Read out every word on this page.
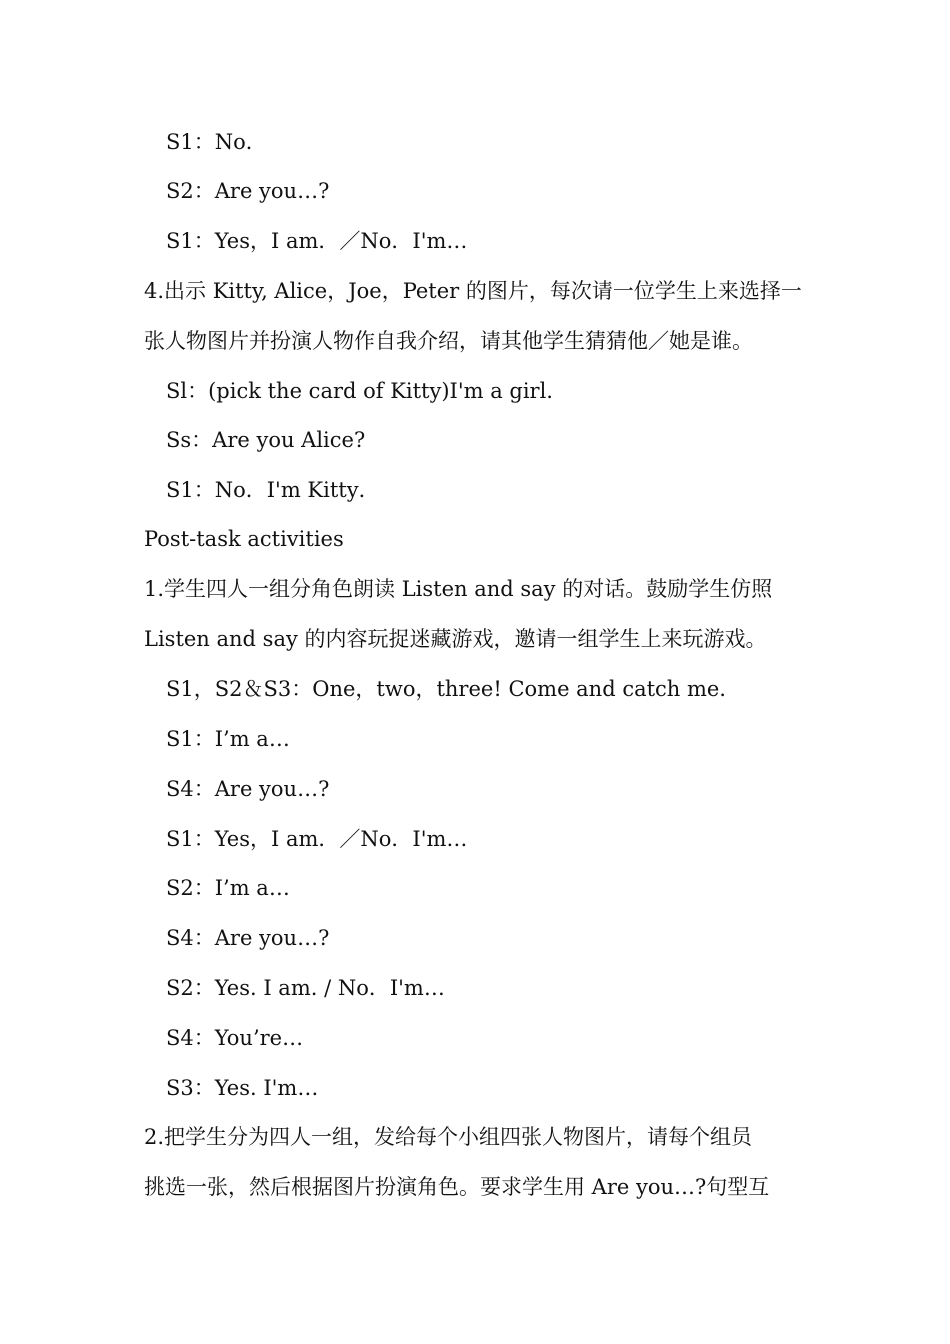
S1：No．
S2：Are you…?
S1：Yes，I am．／No．I'm…
4.出示 Kitty, Alice，Joe，Peter 的图片，每次请一位学生上来选择一
张人物图片并扮演人物作自我介绍，请其他学生猜猜他／她是谁。
Sl：(pick the card of Kitty)I'm a girl．
Ss：Are you Alice?
S1：No．I'm Kitty．
Post-task activities
1.学生四人一组分角色朗读 Listen and say 的对话。鼓励学生仿照
Listen and say 的内容玩捉迷藏游戏，邀请一组学生上来玩游戏。
S1，S2＆S3：One，two，three! Come and catch me．
S1：I’m a…
S4：Are you…?
S1：Yes，I am．／No．I'm…
S2：I’m a…
S4：Are you…?
S2：Yes. I am. / No．I'm…
S4：You’re…
S3：Yes. I'm…
2.把学生分为四人一组，发给每个小组四张人物图片，请每个组员
挑选一张，然后根据图片扮演角色。要求学生用 Are you…?句型互
